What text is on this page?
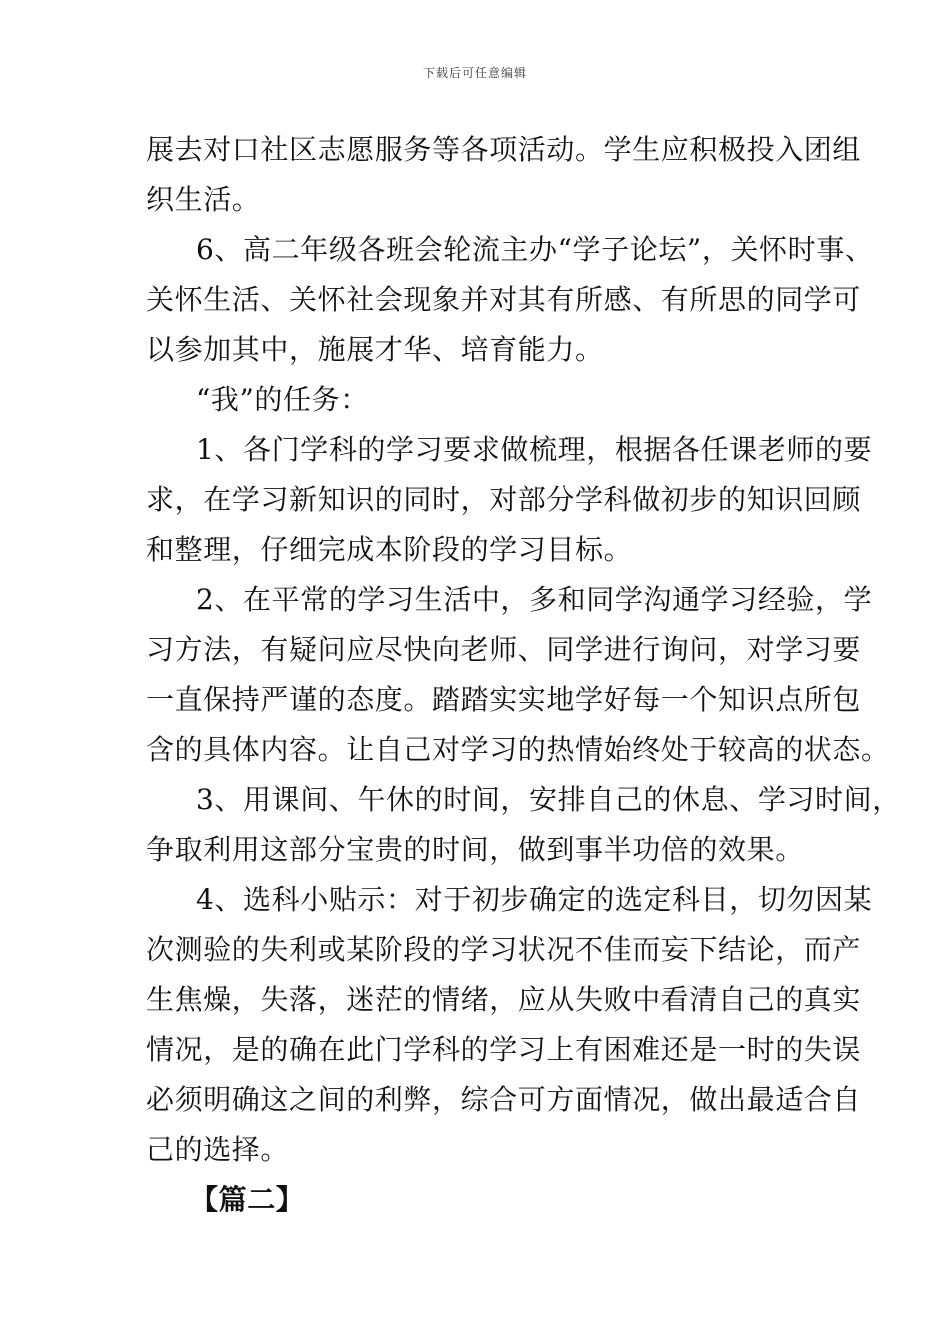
下载后可任意编辑
展去对口社区志愿服务等各项活动。学生应积极投入团组
织生活。
6、高二年级各班会轮流主办“学子论坛”，关怀时事、
关怀生活、关怀社会现象并对其有所感、有所思的同学可
以参加其中，施展才华、培育能力。
“我”的任务：
1、各门学科的学习要求做梳理，根据各任课老师的要
求，在学习新知识的同时，对部分学科做初步的知识回顾
和整理，仔细完成本阶段的学习目标。
2、在平常的学习生活中，多和同学沟通学习经验，学
习方法，有疑问应尽快向老师、同学进行询问，对学习要
一直保持严谨的态度。踏踏实实地学好每一个知识点所包
含的具体内容。让自己对学习的热情始终处于较高的状态。
3、用课间、午休的时间，安排自己的休息、学习时间，
争取利用这部分宝贵的时间，做到事半功倍的效果。
4、选科小贴示：对于初步确定的选定科目，切勿因某
次测验的失利或某阶段的学习状况不佳而妄下结论，而产
生焦燥，失落，迷茫的情绪，应从失败中看清自己的真实
情况，是的确在此门学科的学习上有困难还是一时的失误
必须明确这之间的利弊，综合可方面情况，做出最适合自
己的选择。
【篇二】
